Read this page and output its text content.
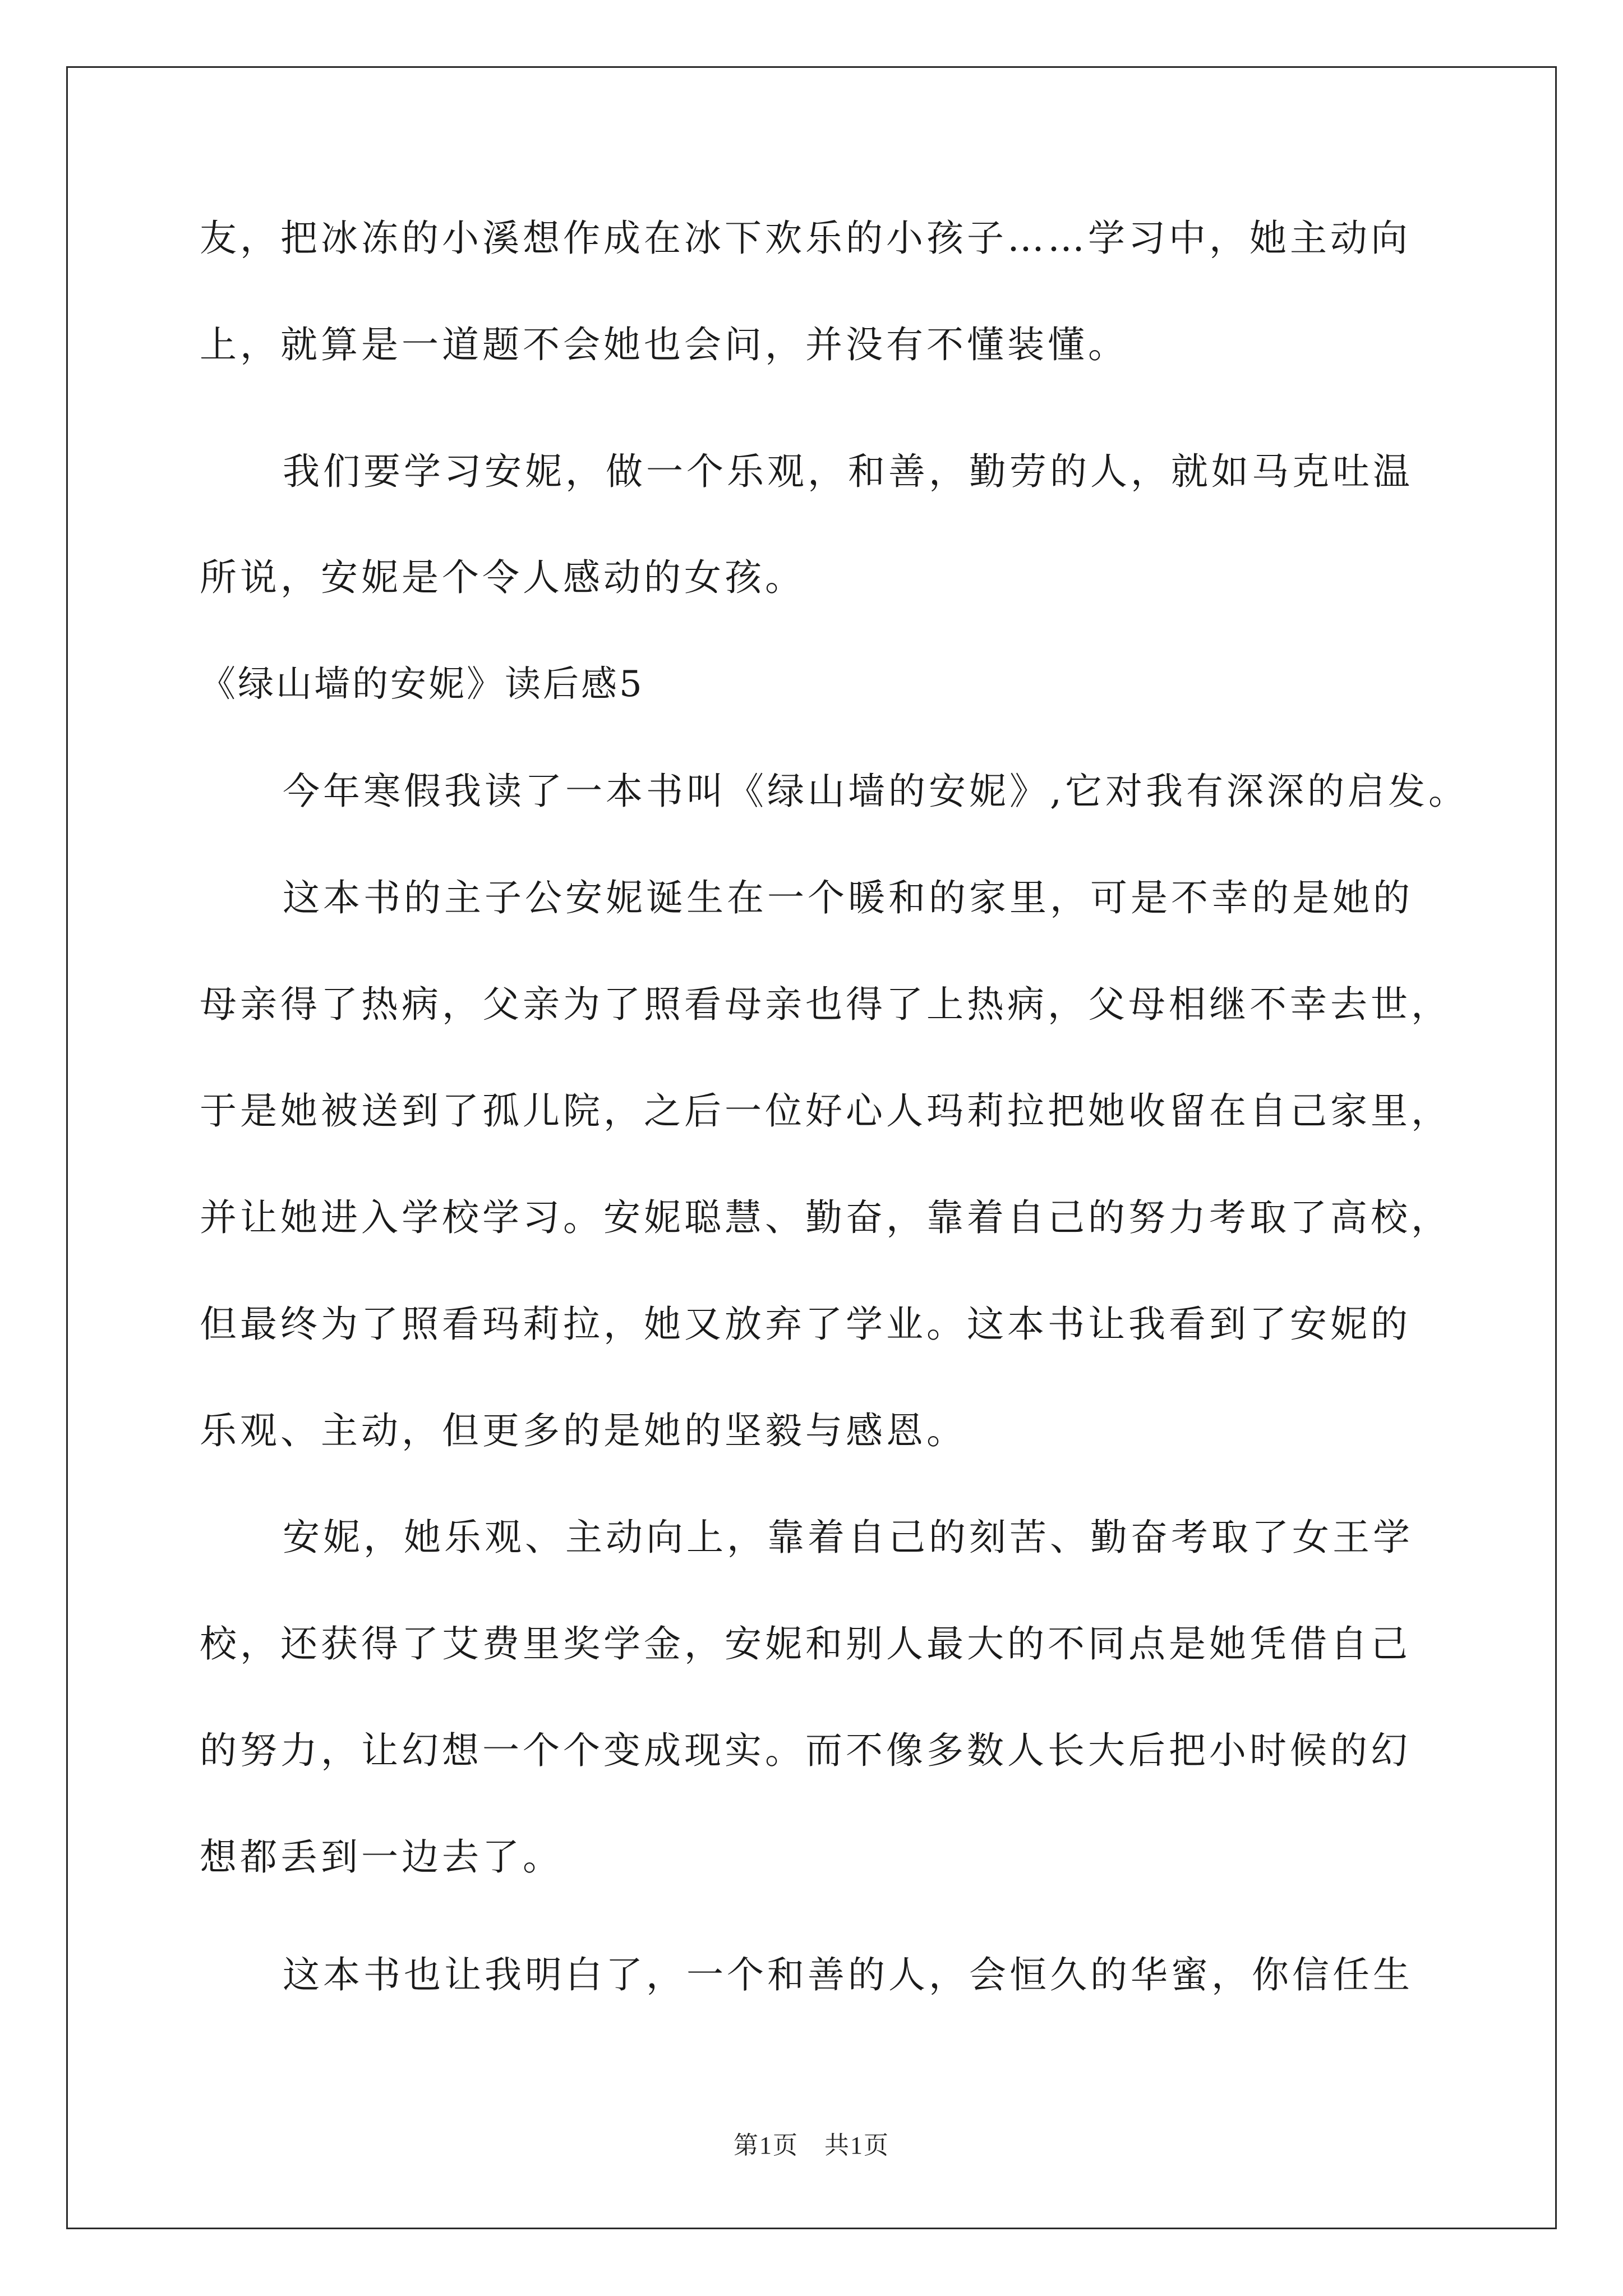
友，把冰冻的小溪想作成在冰下欢乐的小孩子……学习中，她主动向
上，就算是一道题不会她也会问，并没有不懂装懂。
我们要学习安妮，做一个乐观，和善，勤劳的人，就如马克吐温
所说，安妮是个令人感动的女孩。
《绿山墙的安妮》读后感5
今年寒假我读了一本书叫《绿山墙的安妮》,它对我有深深的启发。
这本书的主子公安妮诞生在一个暖和的家里，可是不幸的是她的
母亲得了热病，父亲为了照看母亲也得了上热病，父母相继不幸去世，
于是她被送到了孤儿院，之后一位好心人玛莉拉把她收留在自己家里，
并让她进入学校学习。安妮聪慧、勤奋，靠着自己的努力考取了高校，
但最终为了照看玛莉拉，她又放弃了学业。这本书让我看到了安妮的
乐观、主动，但更多的是她的坚毅与感恩。
安妮，她乐观、主动向上，靠着自己的刻苦、勤奋考取了女王学
校，还获得了艾费里奖学金，安妮和别人最大的不同点是她凭借自己
的努力，让幻想一个个变成现实。而不像多数人长大后把小时候的幻
想都丢到一边去了。
这本书也让我明白了，一个和善的人，会恒久的华蜜，你信任生
第1页　共1页
